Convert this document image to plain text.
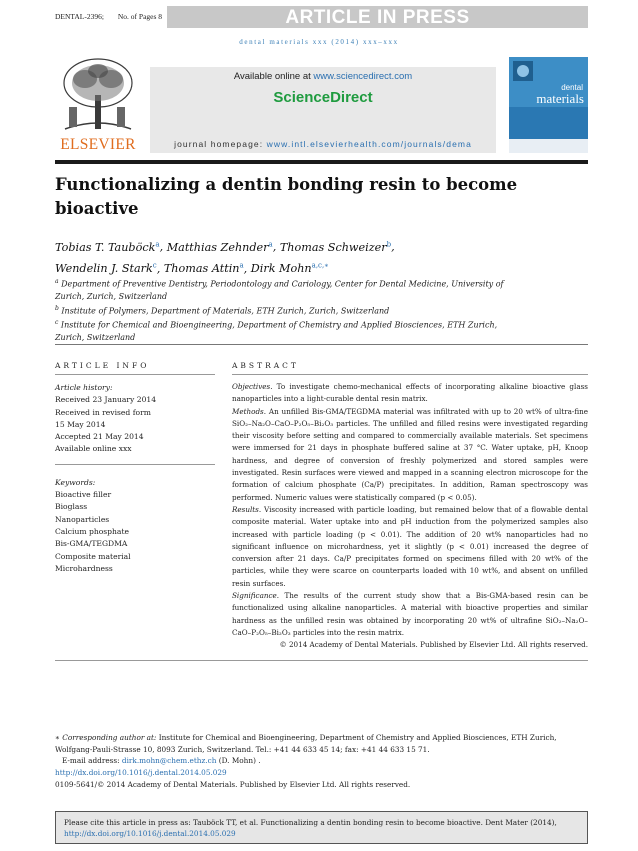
DENTAL-2396; No. of Pages 8	ARTICLE IN PRESS
dental materials xxx (2014) xxx–xxx
ELSEVIER
Available online at www.sciencedirect.com
ScienceDirect
journal homepage: www.intl.elsevierhealth.com/journals/dema
dental
materials
Functionalizing a dentin bonding resin to become bioactive
Tobias T. Tauböck$^a$, Matthias Zehnder$^a$, Thomas Schweizer$^b$,
Wendelin J. Stark$^c$, Thomas Attin$^a$, Dirk Mohn$^{a,c,∗}$
$^a$ Department of Preventive Dentistry, Periodontology and Cariology, Center for Dental Medicine, University of Zurich, Zurich, Switzerland
$^b$ Institute of Polymers, Department of Materials, ETH Zurich, Zurich, Switzerland
$^c$ Institute for Chemical and Bioengineering, Department of Chemistry and Applied Biosciences, ETH Zurich, Zurich, Switzerland
ARTICLE INFO	ABSTRACT
Article history:
Received 23 January 2014
Received in revised form
15 May 2014
Accepted 21 May 2014
Available online xxx
Keywords:
Bioactive filler
Bioglass
Nanoparticles
Calcium phosphate
Bis-GMA/TEGDMA
Composite material
Microhardness

Objectives. To investigate chemo-mechanical effects of incorporating alkaline bioactive glass nanoparticles into a light-curable dental resin matrix.

Methods. An unfilled Bis-GMA/TEGDMA material was infiltrated with up to 20 wt% of ultra-fine SiO₂–Na₂O–CaO–P₂O₅–Bi₂O₃ particles. The unfilled and filled resins were investigated regarding their viscosity before setting and compared to commercially available materials. Set specimens were immersed for 21 days in phosphate buffered saline at 37 °C. Water uptake, pH, Knoop hardness, and degree of conversion of freshly polymerized and stored samples were investigated. Resin surfaces were viewed and mapped in a scanning electron microscope for the formation of calcium phosphate (Ca/P) precipitates. In addition, Raman spectroscopy was performed. Numeric values were statistically compared (p < 0.05).

Results. Viscosity increased with particle loading, but remained below that of a flowable dental composite material. Water uptake into and pH induction from the polymerized samples also increased with particle loading (p < 0.01). The addition of 20 wt% nanoparticles had no significant influence on microhardness, yet it slightly (p < 0.01) increased the degree of conversion after 21 days. Ca/P precipitates formed on specimens filled with 20 wt% of the particles, while they were scarce on counterparts loaded with 10 wt%, and absent on unfilled resin surfaces.

Significance. The results of the current study show that a Bis-GMA-based resin can be functionalized using alkaline nanoparticles. A material with bioactive properties and similar hardness as the unfilled resin was obtained by incorporating 20 wt% of ultrafine SiO₂–Na₂O–CaO–P₂O₅–Bi₂O₃ particles into the resin matrix.

© 2014 Academy of Dental Materials. Published by Elsevier Ltd. All rights reserved.

∗ Corresponding author at: Institute for Chemical and Bioengineering, Department of Chemistry and Applied Biosciences, ETH Zurich, Wolfgang-Pauli-Strasse 10, 8093 Zurich, Switzerland. Tel.: +41 44 633 45 14; fax: +41 44 633 15 71.
E-mail address: dirk.mohn@chem.ethz.ch (D. Mohn) .
http://dx.doi.org/10.1016/j.dental.2014.05.029
0109-5641/© 2014 Academy of Dental Materials. Published by Elsevier Ltd. All rights reserved.
Please cite this article in press as: Tauböck TT, et al. Functionalizing a dentin bonding resin to become bioactive. Dent Mater (2014),
http://dx.doi.org/10.1016/j.dental.2014.05.029
